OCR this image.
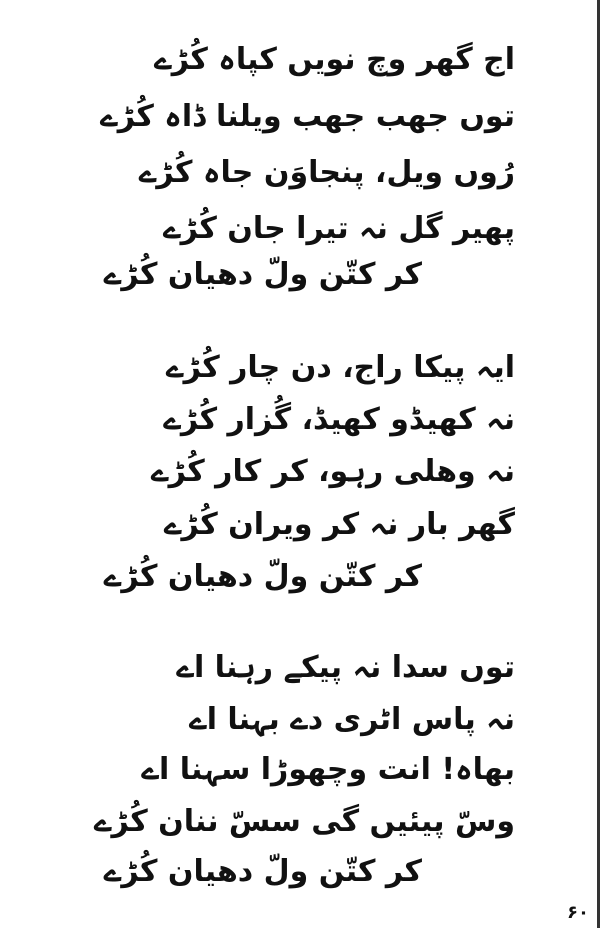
اج گھر وچ نویں کپاہ کُڑے

توں جھب جھب ویلنا ڈاہ کُڑے

رُوں ویل، پنجاوَن جاہ کُڑے

پھیر گل نہ تیرا جان کُڑے

کر کتّن ولّ دھیان کُڑے

ایہ پیکا راج، دن چار کُڑے

نہ کھیڈو کھیڈ، گُزار کُڑے

نہ وھلی رہو، کر کار کُڑے

گھر بار نہ کر ویران کُڑے

کر کتّن ولّ دھیان کُڑے

توں سدا نہ پیکے رہنا اے

نہ پاس اٹری دے بہنا اے

بھاہ! انت وچھوڑا سہنا اے

وسّ پیئیں گی سسّ ننان کُڑے

کر کتّن ولّ دھیان کُڑے

۶۰
